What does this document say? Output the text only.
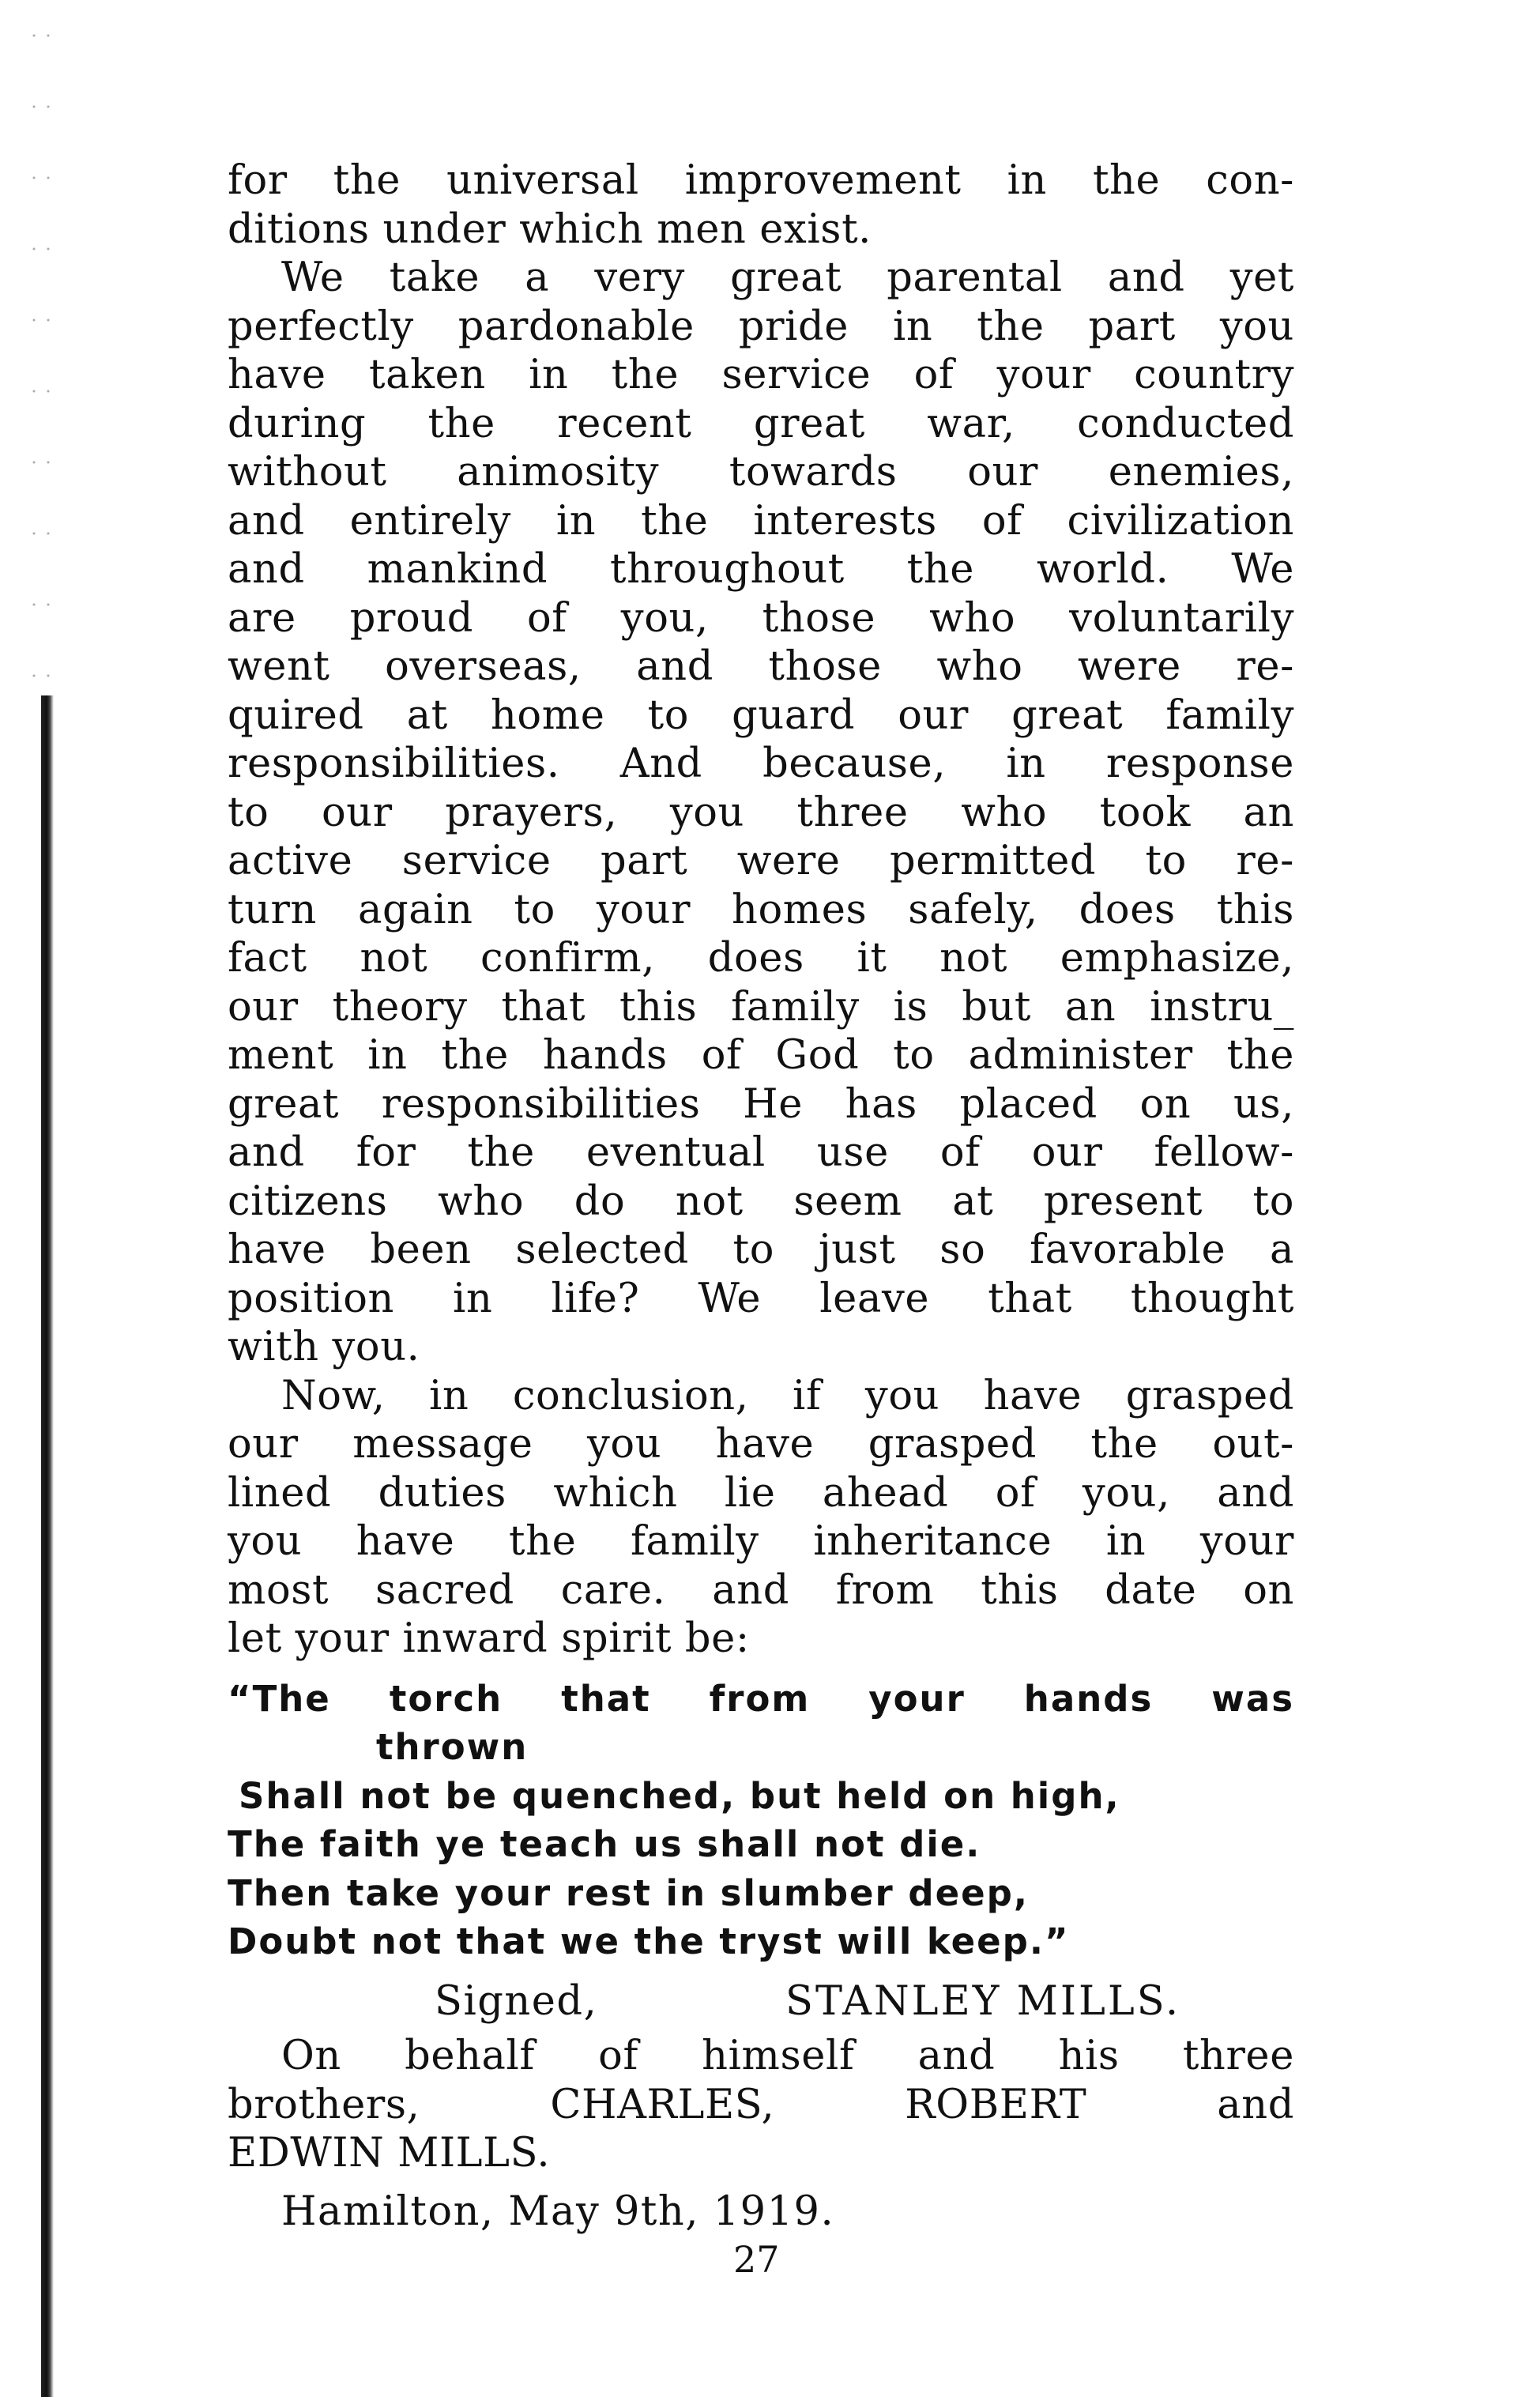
for the universal improvement in the con-
ditions under which men exist.
We take a very great parental and yet
perfectly pardonable pride in the part you
have taken in the service of your country
during the recent great war, conducted
without animosity towards our enemies,
and entirely in the interests of civilization
and mankind throughout the world. We
are proud of you, those who voluntarily
went overseas, and those who were re-
quired at home to guard our great family
responsibilities. And because, in response
to our prayers, you three who took an
active service part were permitted to re-
turn again to your homes safely, does this
fact not confirm, does it not emphasize,
our theory that this family is but an instru_
ment in the hands of God to administer the
great responsibilities He has placed on us,
and for the eventual use of our fellow-
citizens who do not seem at present to
have been selected to just so favorable a
position in life? We leave that thought
with you.
Now, in conclusion, if you have grasped
our message you have grasped the out-
lined duties which lie ahead of you, and
you have the family inheritance in your
most sacred care. and from this date on
let your inward spirit be:
“The torch that from your hands was
thrown
Shall not be quenched, but held on high,
The faith ye teach us shall not die.
Then take your rest in slumber deep,
Doubt not that we the tryst will keep.”
Signed,	STANLEY MILLS.
On behalf of himself and his three
brothers, CHARLES, ROBERT and
EDWIN MILLS.
Hamilton, May 9th, 1919.
27
